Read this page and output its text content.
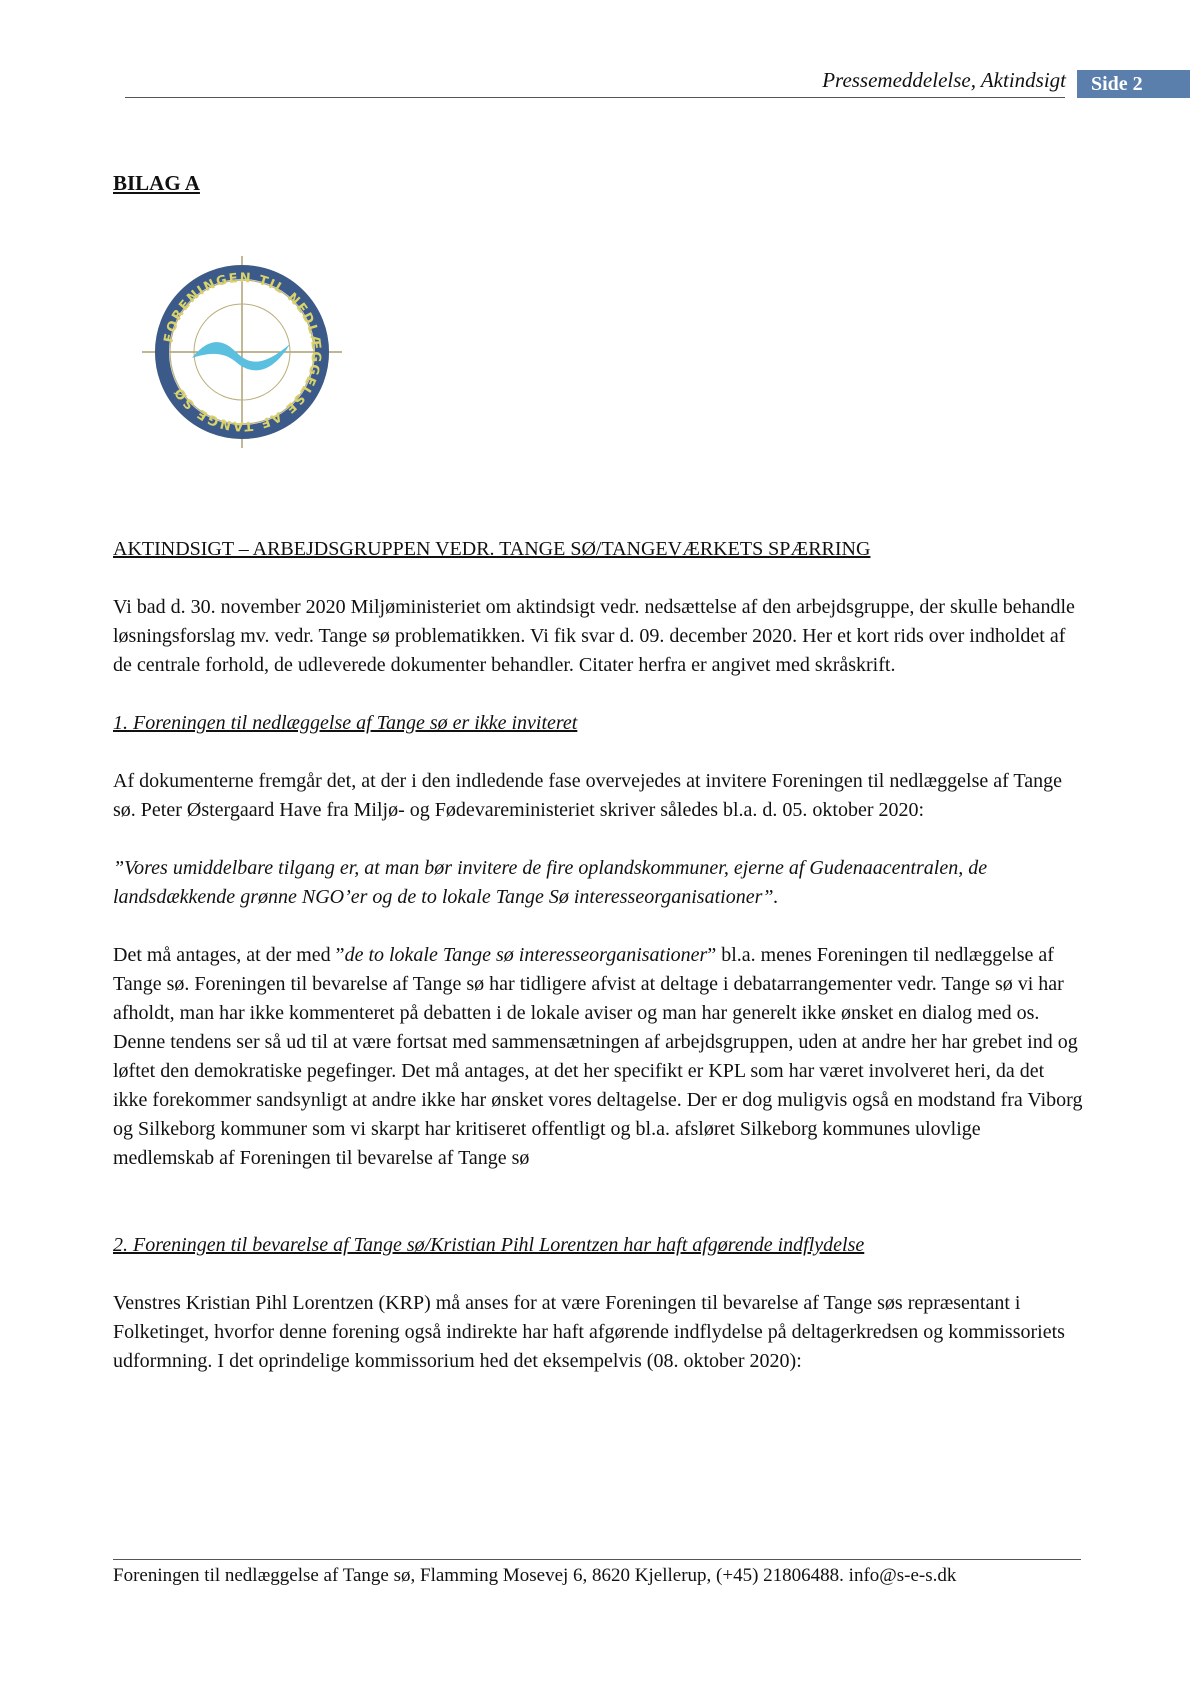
Pressemeddelelse, Aktindsigt	Side 2
BILAG A
FORENINGEN TIL NEDLÆGGELSE AF TANGE SØ

AKTINDSIGT – ARBEJDSGRUPPEN VEDR. TANGE SØ/TANGEVÆRKETS SPÆRRING

Vi bad d. 30. november 2020 Miljøministeriet om aktindsigt vedr. nedsættelse af den arbejdsgruppe, der skulle behandle løsningsforslag mv. vedr. Tange sø problematikken. Vi fik svar d. 09. december 2020. Her et kort rids over indholdet af de centrale forhold, de udleverede dokumenter behandler. Citater herfra er angivet med skråskrift.

1. Foreningen til nedlæggelse af Tange sø er ikke inviteret

Af dokumenterne fremgår det, at der i den indledende fase overvejedes at invitere Foreningen til nedlæggelse af Tange sø. Peter Østergaard Have fra Miljø- og Fødevareministeriet skriver således bl.a. d. 05. oktober 2020:

”Vores umiddelbare tilgang er, at man bør invitere de fire oplandskommuner, ejerne af Gudenaacentralen, de landsdækkende grønne NGO’er og de to lokale Tange Sø interesseorganisationer”.

Det må antages, at der med ”de to lokale Tange sø interesseorganisationer” bl.a. menes Foreningen til nedlæggelse af Tange sø. Foreningen til bevarelse af Tange sø har tidligere afvist at deltage i debatarrangementer vedr. Tange sø vi har afholdt, man har ikke kommenteret på debatten i de lokale aviser og man har generelt ikke ønsket en dialog med os. Denne tendens ser så ud til at være fortsat med sammensætningen af arbejdsgruppen, uden at andre her har grebet ind og løftet den demokratiske pegefinger. Det må antages, at det her specifikt er KPL som har været involveret heri, da det ikke forekommer sandsynligt at andre ikke har ønsket vores deltagelse. Der er dog muligvis også en modstand fra Viborg og Silkeborg kommuner som vi skarpt har kritiseret offentligt og bl.a. afsløret Silkeborg kommunes ulovlige medlemskab af Foreningen til bevarelse af Tange sø

2. Foreningen til bevarelse af Tange sø/Kristian Pihl Lorentzen har haft afgørende indflydelse

Venstres Kristian Pihl Lorentzen (KRP) må anses for at være Foreningen til bevarelse af Tange søs repræsentant i Folketinget, hvorfor denne forening også indirekte har haft afgørende indflydelse på deltagerkredsen og kommissoriets udformning. I det oprindelige kommissorium hed det eksempelvis (08. oktober 2020):

Foreningen til nedlæggelse af Tange sø, Flamming Mosevej 6, 8620 Kjellerup, (+45) 21806488. info@s-e-s.dk
